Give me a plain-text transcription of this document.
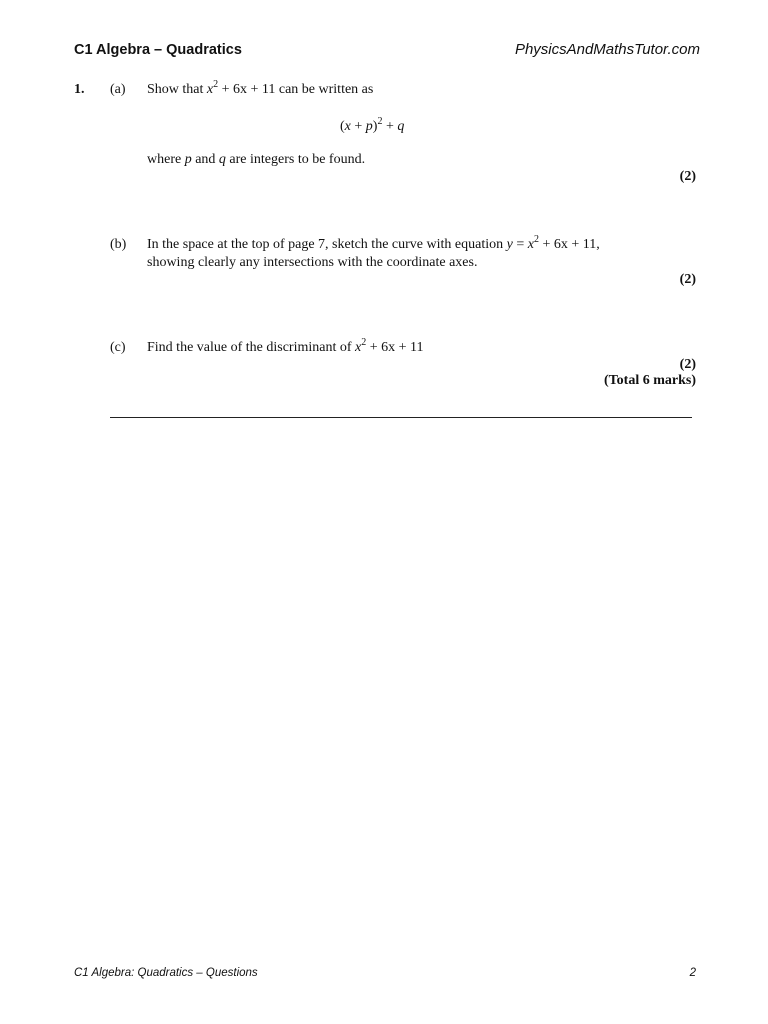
C1 Algebra – Quadratics	PhysicsAndMathsTutor.com
1. (a) Show that $x^2 + 6x + 11$ can be written as
$(x + p)^2 + q$
where p and q are integers to be found.
(2)
(b) In the space at the top of page 7, sketch the curve with equation $y = x^2 + 6x + 11$,
showing clearly any intersections with the coordinate axes.
(2)
(c) Find the value of the discriminant of $x^2 + 6x + 11$
(2)
(Total 6 marks)
C1 Algebra: Quadratics – Questions	2
